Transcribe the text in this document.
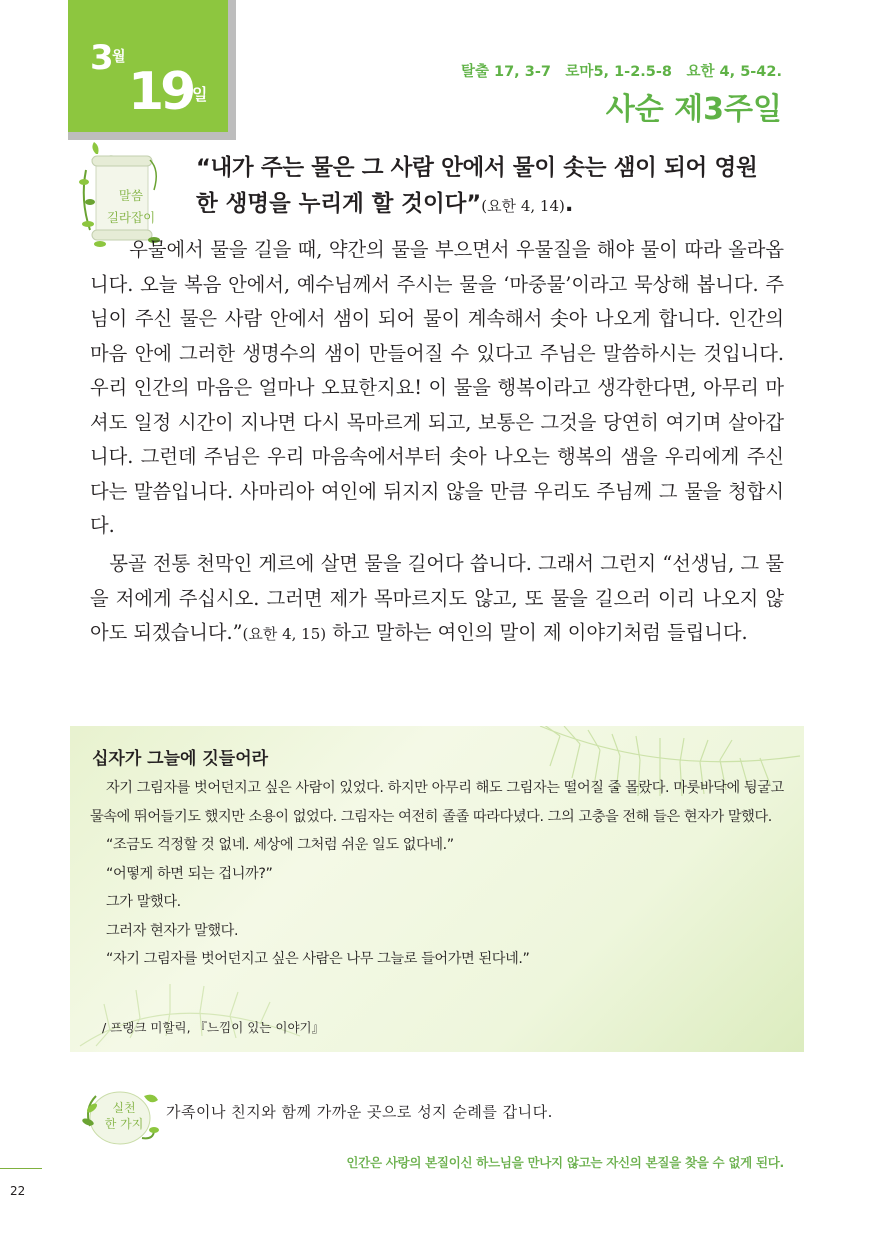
3
월
19 일
탈출 17, 3-7　로마5, 1-2.5-8　요한 4, 5-42.
사순 제3주일
말씀
길라잡이
“내가 주는 물은 그 사람 안에서 물이 솟는 샘이 되어 영원
한 생명을 누리게 할 것이다”(요한 4, 14).
　　우물에서 물을 길을 때, 약간의 물을 부으면서 우물질을 해야 물이 따라 올라옵니다. 오늘 복음 안에서, 예수님께서 주시는 물을 ‘마중물’이라고 묵상해 봅니다. 주님이 주신 물은 사람 안에서 샘이 되어 물이 계속해서 솟아 나오게 합니다. 인간의 마음 안에 그러한 생명수의 샘이 만들어질 수 있다고 주님은 말씀하시는 것입니다. 우리 인간의 마음은 얼마나 오묘한지요! 이 물을 행복이라고 생각한다면, 아무리 마셔도 일정 시간이 지나면 다시 목마르게 되고, 보통은 그것을 당연히 여기며 살아갑니다. 그런데 주님은 우리 마음속에서부터 솟아 나오는 행복의 샘을 우리에게 주신다는 말씀입니다. 사마리아 여인에 뒤지지 않을 만큼 우리도 주님께 그 물을 청합시다.
　몽골 전통 천막인 게르에 살면 물을 길어다 씁니다. 그래서 그런지 “선생님, 그 물을 저에게 주십시오. 그러면 제가 목마르지도 않고, 또 물을 길으러 이리 나오지 않아도 되겠습니다.”(요한 4, 15) 하고 말하는 여인의 말이 제 이야기처럼 들립니다.
십자가 그늘에 깃들어라
자기 그림자를 벗어던지고 싶은 사람이 있었다. 하지만 아무리 해도 그림자는 떨어질 줄 몰랐다. 마룻바닥에 뒹굴고 물속에 뛰어들기도 했지만 소용이 없었다. 그림자는 여전히 졸졸 따라다녔다. 그의 고충을 전해 들은 현자가 말했다.
“조금도 걱정할 것 없네. 세상에 그처럼 쉬운 일도 없다네.”
“어떻게 하면 되는 겁니까?”
그가 말했다.
그러자 현자가 말했다.
“자기 그림자를 벗어던지고 싶은 사람은 나무 그늘로 들어가면 된다네.”
/ 프랭크 미할릭, 『느낌이 있는 이야기』
실천
한 가지
가족이나 친지와 함께 가까운 곳으로 성지 순례를 갑니다.
인간은 사랑의 본질이신 하느님을 만나지 않고는 자신의 본질을 찾을 수 없게 된다.
22
